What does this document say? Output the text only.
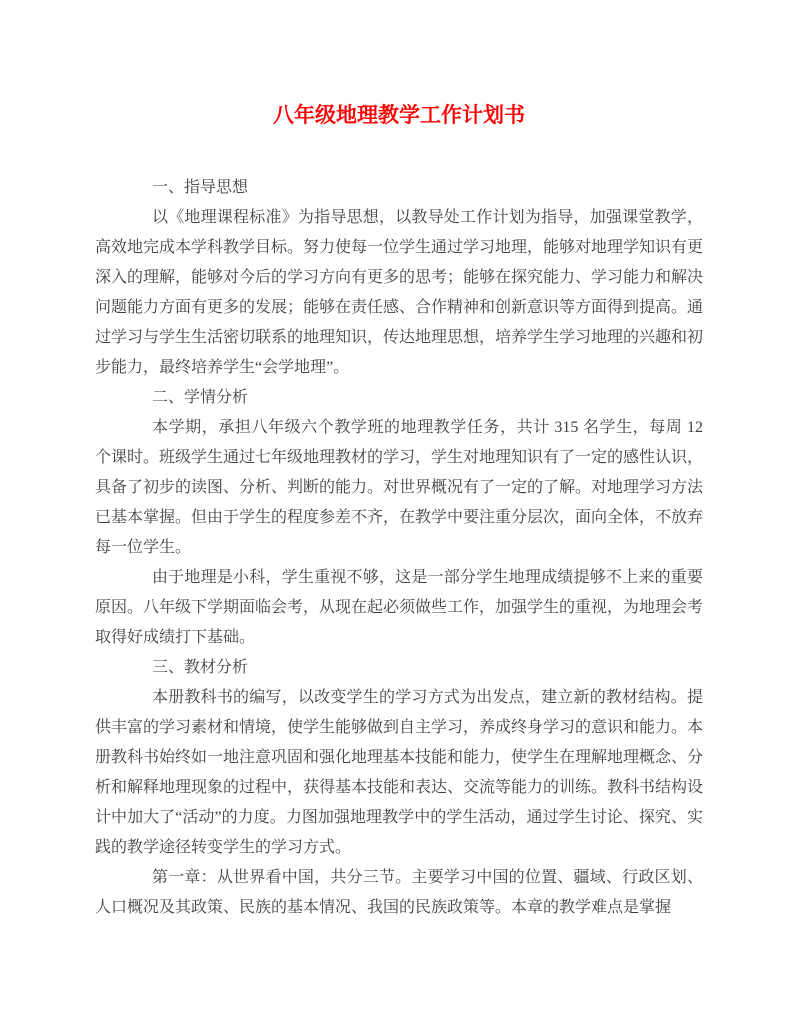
八年级地理教学工作计划书
一、指导思想
以《地理课程标准》为指导思想，以教导处工作计划为指导，加强课堂教学，高效地完成本学科教学目标。努力使每一位学生通过学习地理，能够对地理学知识有更深入的理解，能够对今后的学习方向有更多的思考；能够在探究能力、学习能力和解决问题能力方面有更多的发展；能够在责任感、合作精神和创新意识等方面得到提高。通过学习与学生生活密切联系的地理知识，传达地理思想，培养学生学习地理的兴趣和初步能力，最终培养学生“会学地理”。
二、学情分析
本学期，承担八年级六个教学班的地理教学任务，共计 315 名学生，每周 12 个课时。班级学生通过七年级地理教材的学习，学生对地理知识有了一定的感性认识，具备了初步的读图、分析、判断的能力。对世界概况有了一定的了解。对地理学习方法已基本掌握。但由于学生的程度参差不齐，在教学中要注重分层次，面向全体，不放弃每一位学生。
由于地理是小科，学生重视不够，这是一部分学生地理成绩提够不上来的重要原因。八年级下学期面临会考，从现在起必须做些工作，加强学生的重视，为地理会考取得好成绩打下基础。
三、教材分析
本册教科书的编写，以改变学生的学习方式为出发点，建立新的教材结构。提供丰富的学习素材和情境，使学生能够做到自主学习，养成终身学习的意识和能力。本册教科书始终如一地注意巩固和强化地理基本技能和能力，使学生在理解地理概念、分析和解释地理现象的过程中，获得基本技能和表达、交流等能力的训练。教科书结构设计中加大了“活动”的力度。力图加强地理教学中的学生活动，通过学生讨论、探究、实践的教学途径转变学生的学习方式。
第一章：从世界看中国，共分三节。主要学习中国的位置、疆域、行政区划、人口概况及其政策、民族的基本情况、我国的民族政策等。本章的教学难点是掌握
